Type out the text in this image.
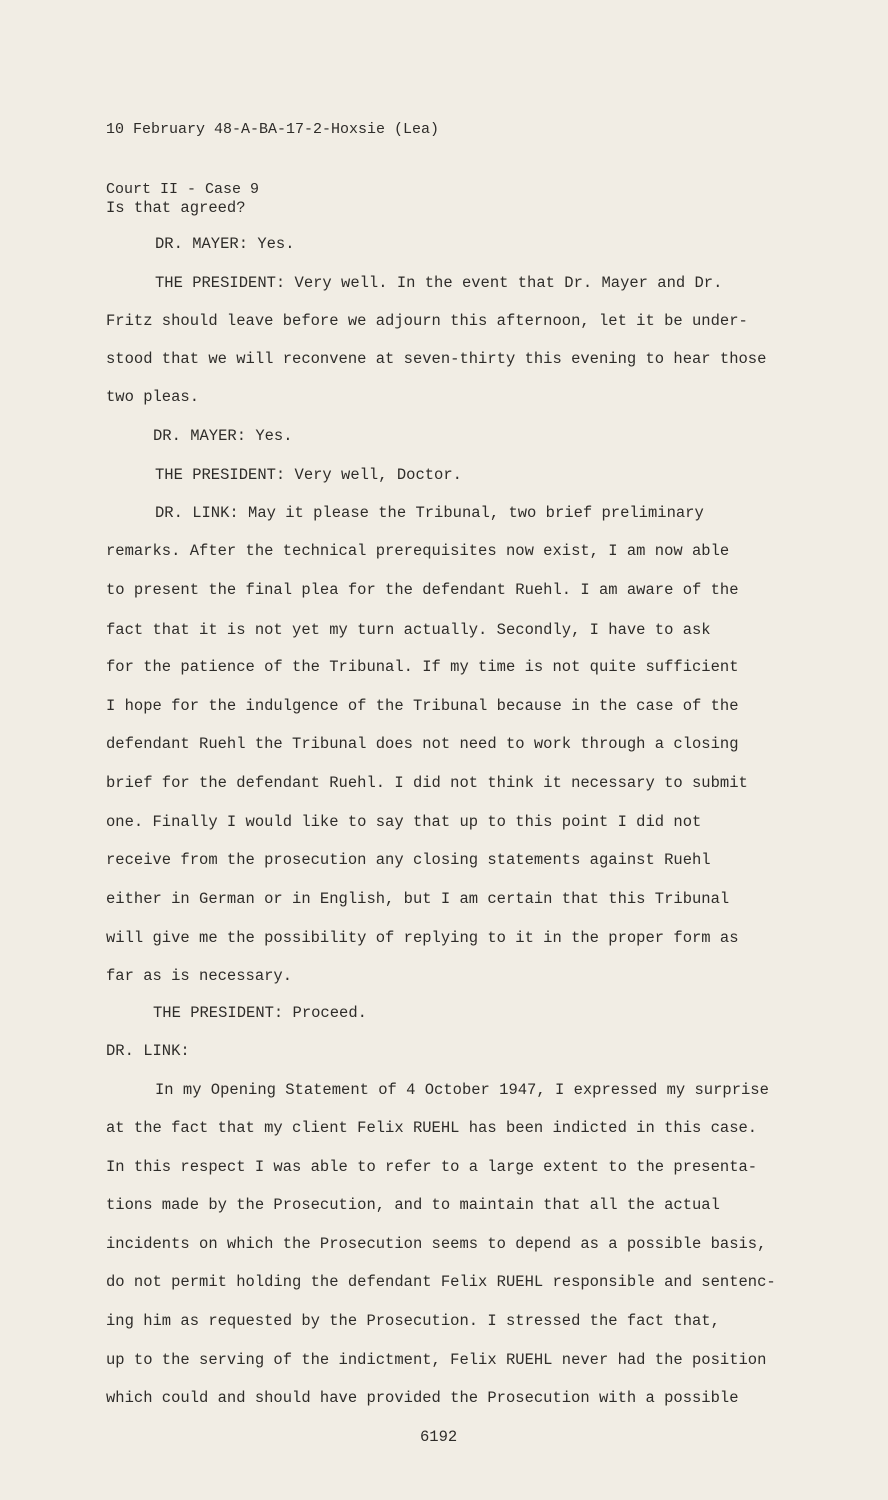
10 February 48-A-BA-17-2-Hoxsie (Lea)

Court II - Case 9

Is that agreed?
DR. MAYER: Yes.
THE PRESIDENT: Very well. In the event that Dr. Mayer and Dr.
Fritz should leave before we adjourn this afternoon, let it be under-
stood that we will reconvene at seven-thirty this evening to hear those
two pleas.
DR. MAYER: Yes.
THE PRESIDENT: Very well, Doctor.
DR. LINK: May it please the Tribunal, two brief preliminary
remarks. After the technical prerequisites now exist, I am now able
to present the final plea for the defendant Ruehl. I am aware of the
fact that it is not yet my turn actually. Secondly, I have to ask
for the patience of the Tribunal. If my time is not quite sufficient
I hope for the indulgence of the Tribunal because in the case of the
defendant Ruehl the Tribunal does not need to work through a closing
brief for the defendant Ruehl. I did not think it necessary to submit
one. Finally I would like to say that up to this point I did not
receive from the prosecution any closing statements against Ruehl
either in German or in English, but I am certain that this Tribunal
will give me the possibility of replying to it in the proper form as
far as is necessary.
THE PRESIDENT: Proceed.
DR. LINK:
In my Opening Statement of 4 October 1947, I expressed my surprise
at the fact that my client Felix RUEHL has been indicted in this case.
In this respect I was able to refer to a large extent to the presenta-
tions made by the Prosecution, and to maintain that all the actual
incidents on which the Prosecution seems to depend as a possible basis,
do not permit holding the defendant Felix RUEHL responsible and sentenc-
ing him as requested by the Prosecution. I stressed the fact that,
up to the serving of the indictment, Felix RUEHL never had the position
which could and should have provided the Prosecution with a possible
6192
